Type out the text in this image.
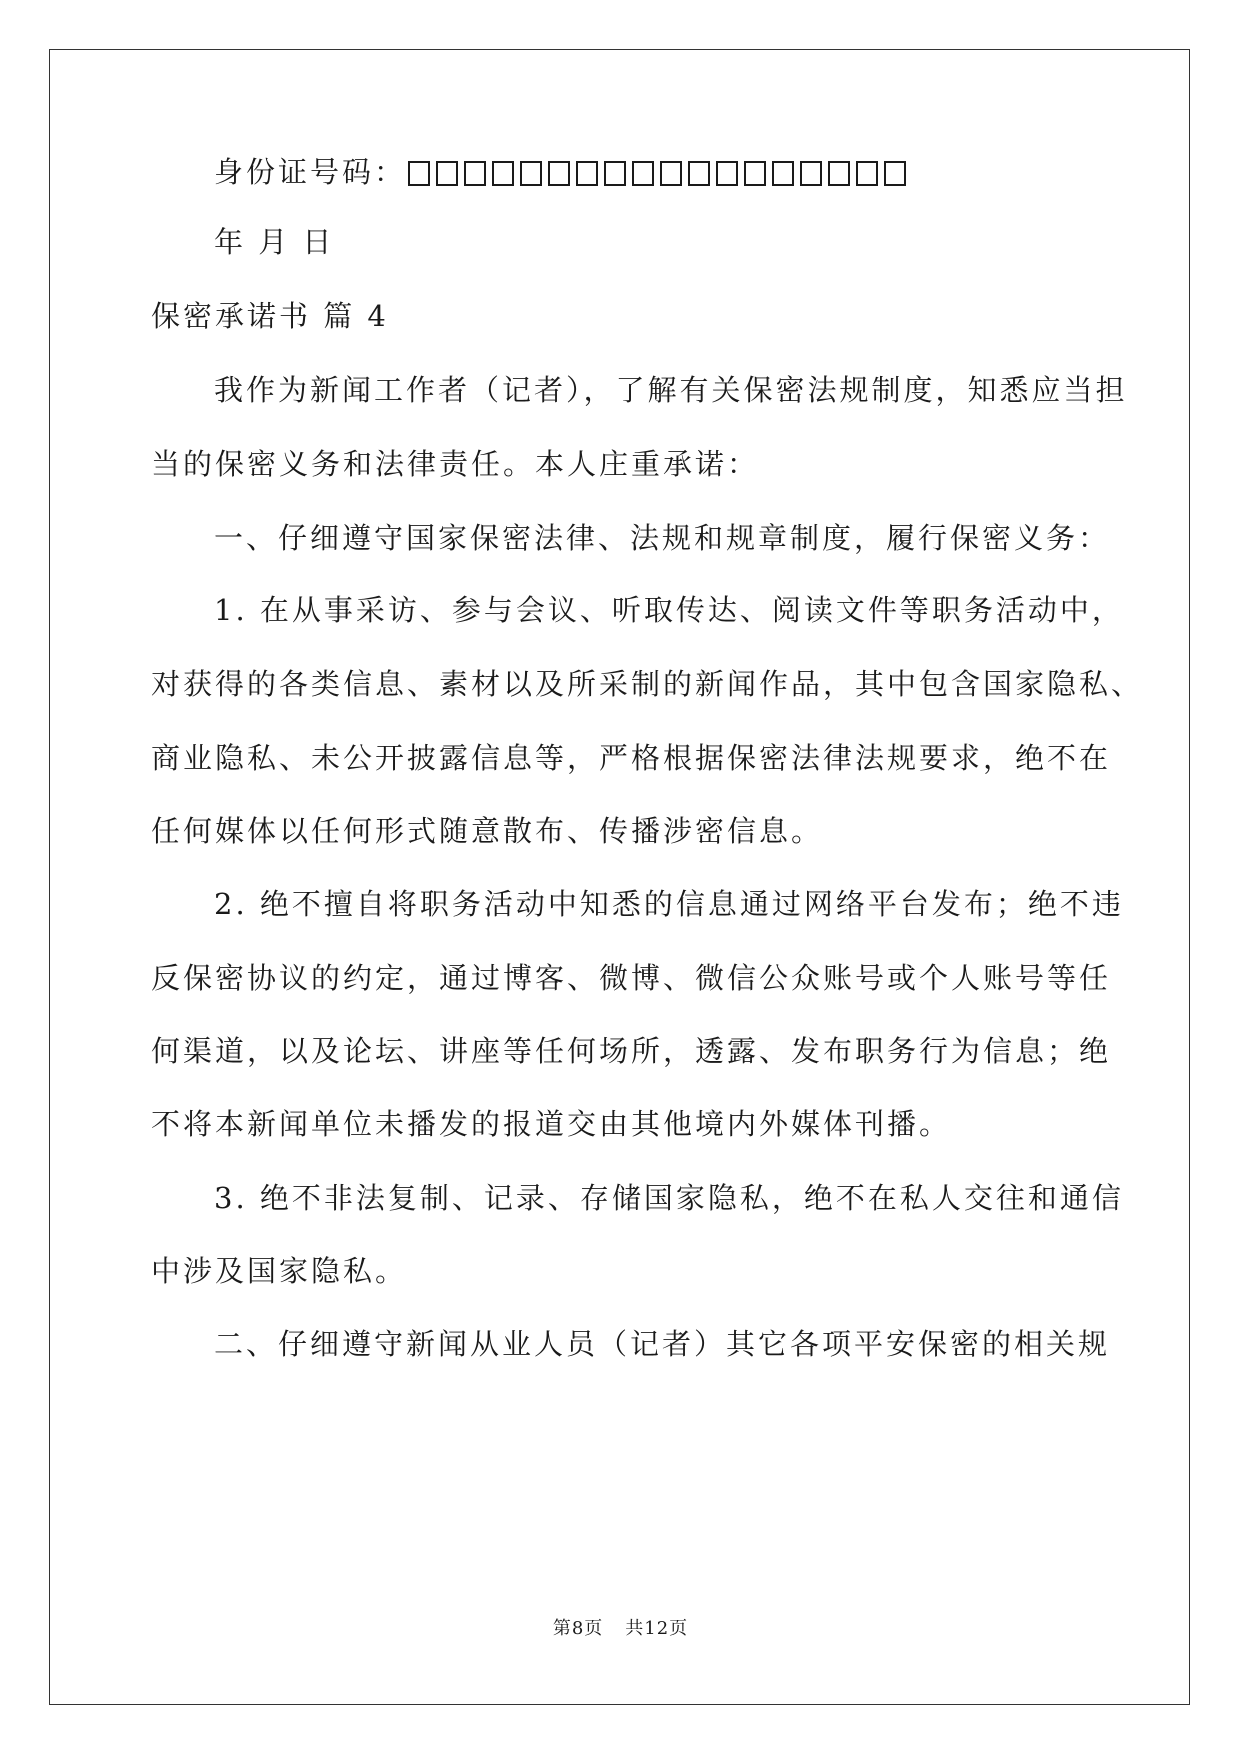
身份证号码：
年 月 日
保密承诺书 篇 4
我作为新闻工作者（记者），了解有关保密法规制度，知悉应当担
当的保密义务和法律责任。本人庄重承诺：
一、仔细遵守国家保密法律、法规和规章制度，履行保密义务：
1. 在从事采访、参与会议、听取传达、阅读文件等职务活动中，
对获得的各类信息、素材以及所采制的新闻作品，其中包含国家隐私、
商业隐私、未公开披露信息等，严格根据保密法律法规要求，绝不在
任何媒体以任何形式随意散布、传播涉密信息。
2. 绝不擅自将职务活动中知悉的信息通过网络平台发布；绝不违
反保密协议的约定，通过博客、微博、微信公众账号或个人账号等任
何渠道，以及论坛、讲座等任何场所，透露、发布职务行为信息；绝
不将本新闻单位未播发的报道交由其他境内外媒体刊播。
3. 绝不非法复制、记录、存储国家隐私，绝不在私人交往和通信
中涉及国家隐私。
二、仔细遵守新闻从业人员（记者）其它各项平安保密的相关规
第8页 共12页
